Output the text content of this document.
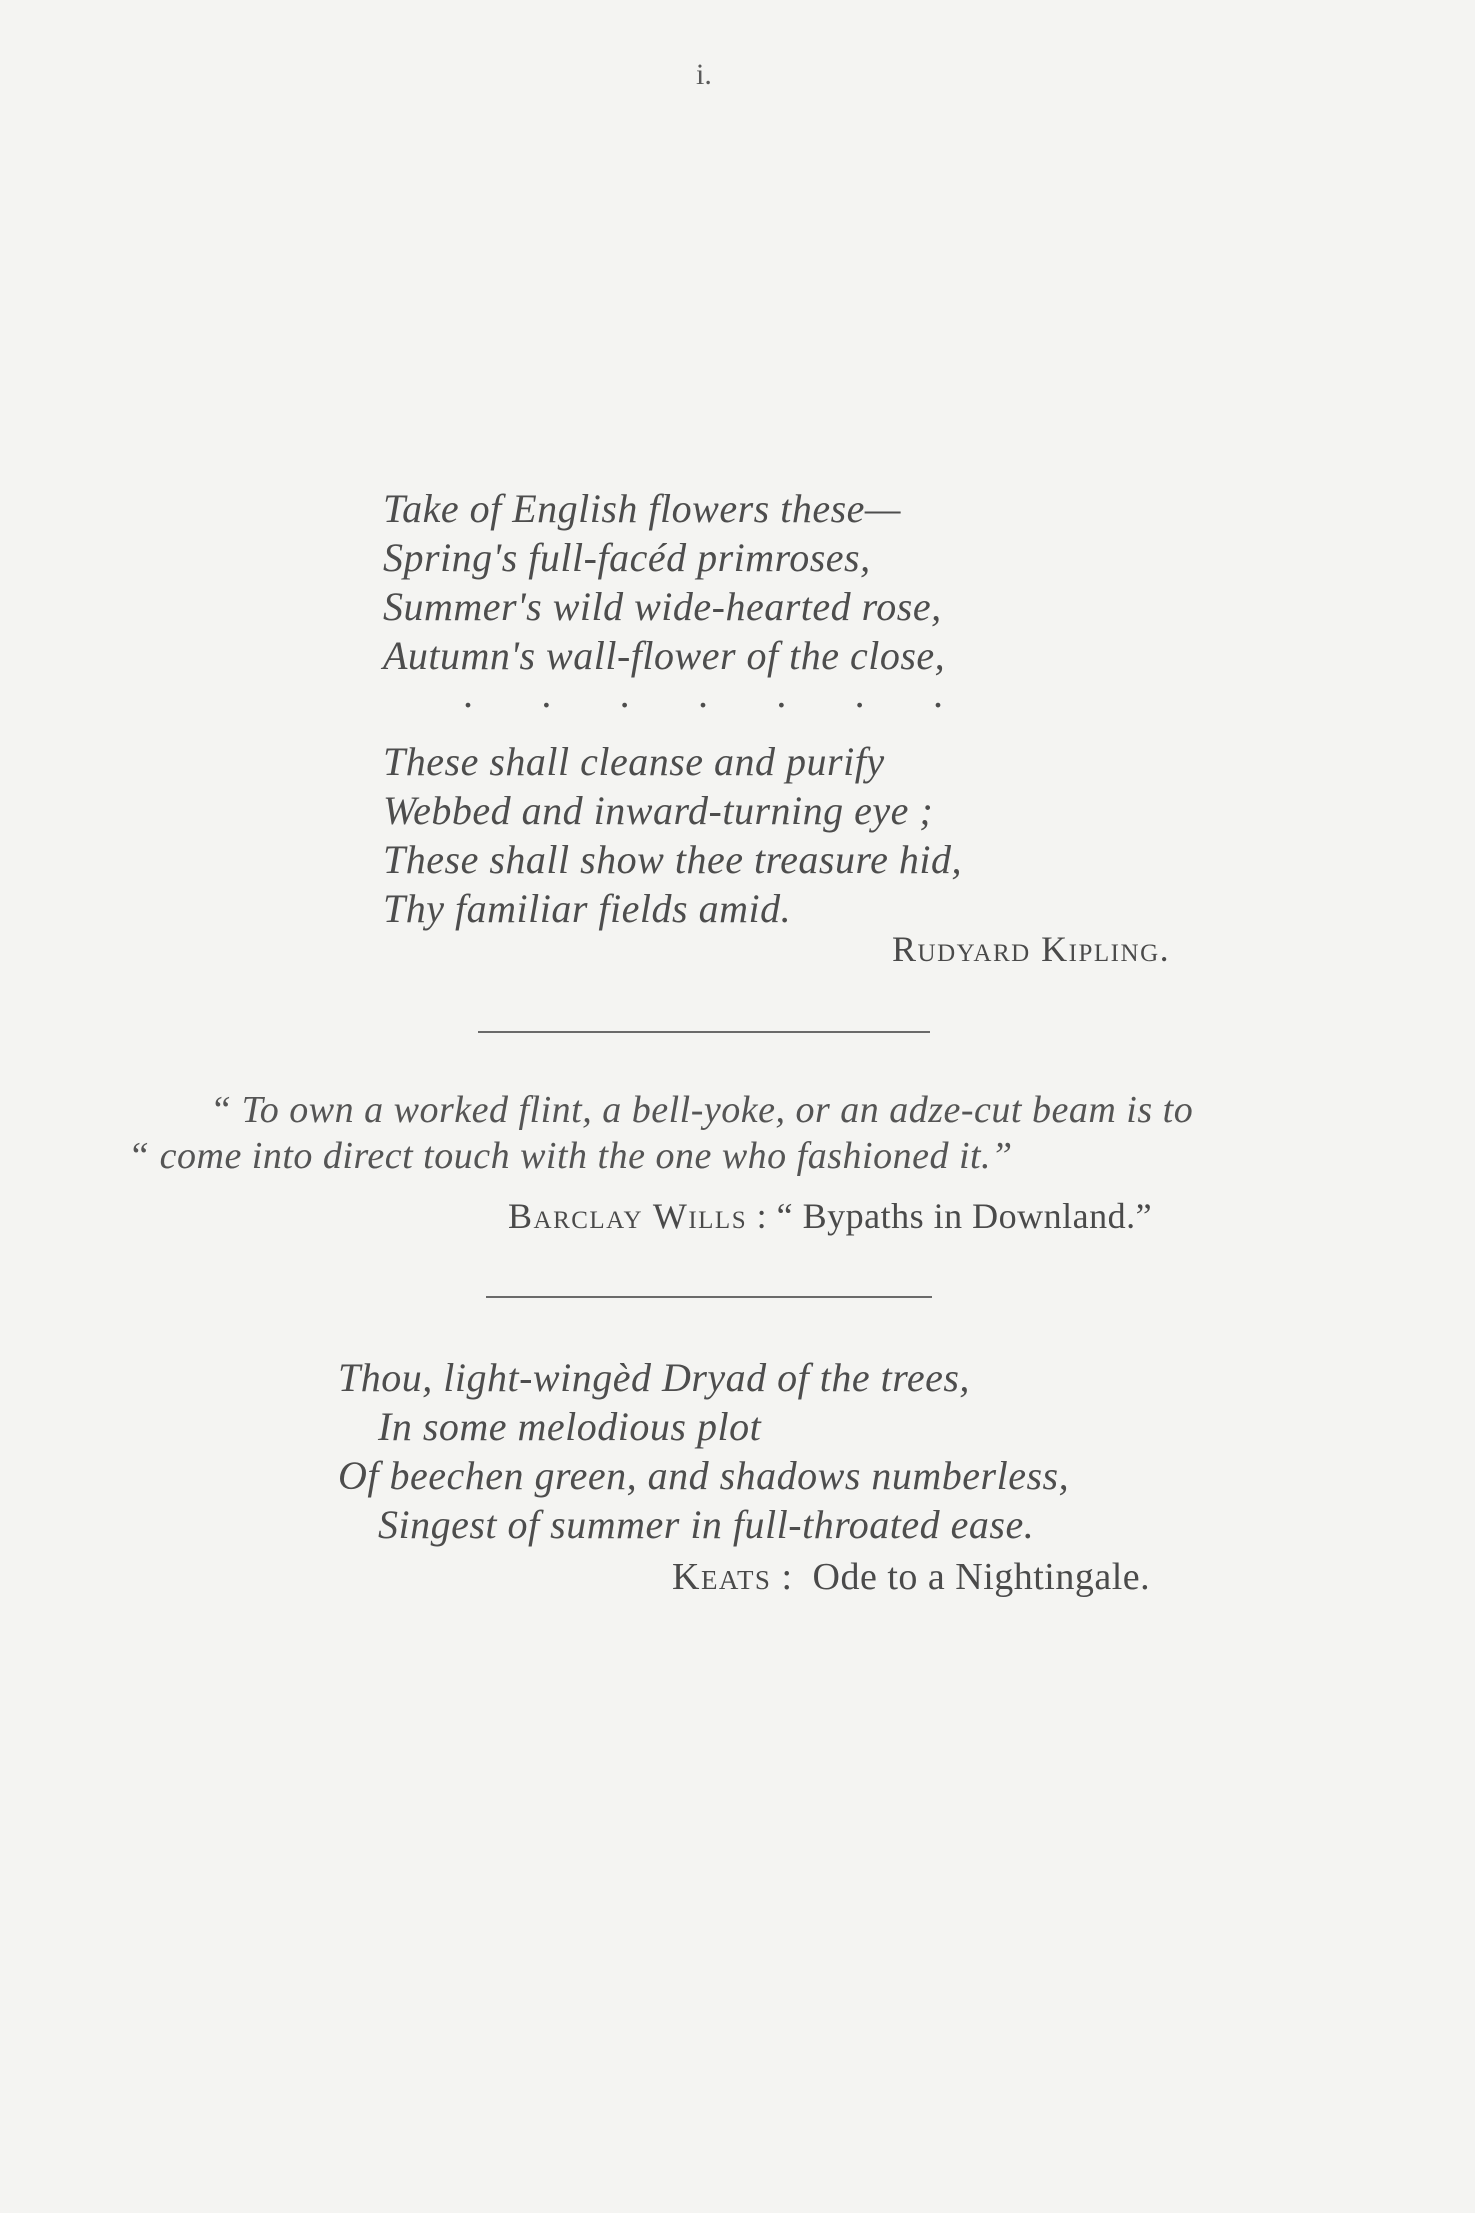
i.
Take of English flowers these—
Spring's full-facéd primroses,
Summer's wild wide-hearted rose,
Autumn's wall-flower of the close,
. . . . . . .
These shall cleanse and purify
Webbed and inward-turning eye ;
These shall show thee treasure hid,
Thy familiar fields amid.
Rudyard Kipling.
“ To own a worked flint, a bell-yoke, or an adze-cut beam is to
“ come into direct touch with the one who fashioned it.”
Barclay Wills : “ Bypaths in Downland.”
Thou, light-wingèd Dryad of the trees,
In some melodious plot
Of beechen green, and shadows numberless,
Singest of summer in full-throated ease.
Keats :  Ode to a Nightingale.
